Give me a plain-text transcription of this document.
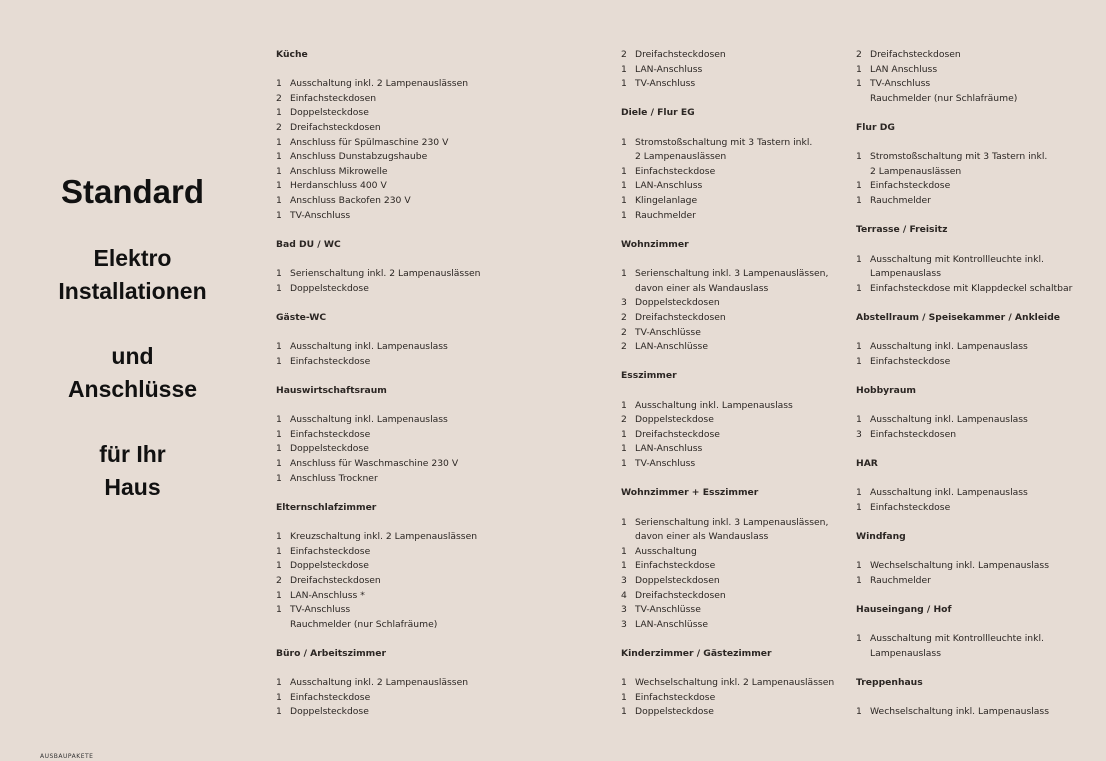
Standard
Elektro
Installationen
und
Anschlüsse
für Ihr
Haus
Küche
1 Ausschaltung inkl. 2 Lampenauslässen
2 Einfachsteckdosen
1 Doppelsteckdose
2 Dreifachsteckdosen
1 Anschluss für Spülmaschine 230 V
1 Anschluss Dunstabzugshaube
1 Anschluss Mikrowelle
1 Herdanschluss 400 V
1 Anschluss Backofen 230 V
1 TV-Anschluss
Bad DU / WC
1 Serienschaltung inkl. 2 Lampenauslässen
1 Doppelsteckdose
Gäste-WC
1 Ausschaltung inkl. Lampenauslass
1 Einfachsteckdose
Hauswirtschaftsraum
1 Ausschaltung inkl. Lampenauslass
1 Einfachsteckdose
1 Doppelsteckdose
1 Anschluss für Waschmaschine 230 V
1 Anschluss Trockner
Elternschlafzimmer
1 Kreuzschaltung inkl. 2 Lampenauslässen
1 Einfachsteckdose
1 Doppelsteckdose
2 Dreifachsteckdosen
1 LAN-Anschluss *
1 TV-Anschluss
Rauchmelder (nur Schlafräume)
Büro / Arbeitszimmer
1 Ausschaltung inkl. 2 Lampenauslässen
1 Einfachsteckdose
1 Doppelsteckdose
2 Dreifachsteckdosen
1 LAN-Anschluss
1 TV-Anschluss
Diele / Flur EG
1 Stromstoßschaltung mit 3 Tastern inkl.
2 Lampenauslässen
1 Einfachsteckdose
1 LAN-Anschluss
1 Klingelanlage
1 Rauchmelder
Wohnzimmer
1 Serienschaltung inkl. 3 Lampenauslässen,
davon einer als Wandauslass
3 Doppelsteckdosen
2 Dreifachsteckdosen
2 TV-Anschlüsse
2 LAN-Anschlüsse
Esszimmer
1 Ausschaltung inkl. Lampenauslass
2 Doppelsteckdose
1 Dreifachsteckdose
1 LAN-Anschluss
1 TV-Anschluss
Wohnzimmer + Esszimmer
1 Serienschaltung inkl. 3 Lampenauslässen,
davon einer als Wandauslass
1 Ausschaltung
1 Einfachsteckdose
3 Doppelsteckdosen
4 Dreifachsteckdosen
3 TV-Anschlüsse
3 LAN-Anschlüsse
Kinderzimmer / Gästezimmer
1 Wechselschaltung inkl. 2 Lampenauslässen
1 Einfachsteckdose
1 Doppelsteckdose
2 Dreifachsteckdosen
1 LAN Anschluss
1 TV-Anschluss
Rauchmelder (nur Schlafräume)
Flur DG
1 Stromstoßschaltung mit 3 Tastern inkl.
2 Lampenauslässen
1 Einfachsteckdose
1 Rauchmelder
Terrasse / Freisitz
1 Ausschaltung mit Kontrollleuchte inkl.
Lampenauslass
1 Einfachsteckdose mit Klappdeckel schaltbar
Abstellraum / Speisekammer / Ankleide
1 Ausschaltung inkl. Lampenauslass
1 Einfachsteckdose
Hobbyraum
1 Ausschaltung inkl. Lampenauslass
3 Einfachsteckdosen
HAR
1 Ausschaltung inkl. Lampenauslass
1 Einfachsteckdose
Windfang
1 Wechselschaltung inkl. Lampenauslass
1 Rauchmelder
Hauseingang / Hof
1 Ausschaltung mit Kontrollleuchte inkl.
Lampenauslass
Treppenhaus
1 Wechselschaltung inkl. Lampenauslass
AUSBAUPAKETE
